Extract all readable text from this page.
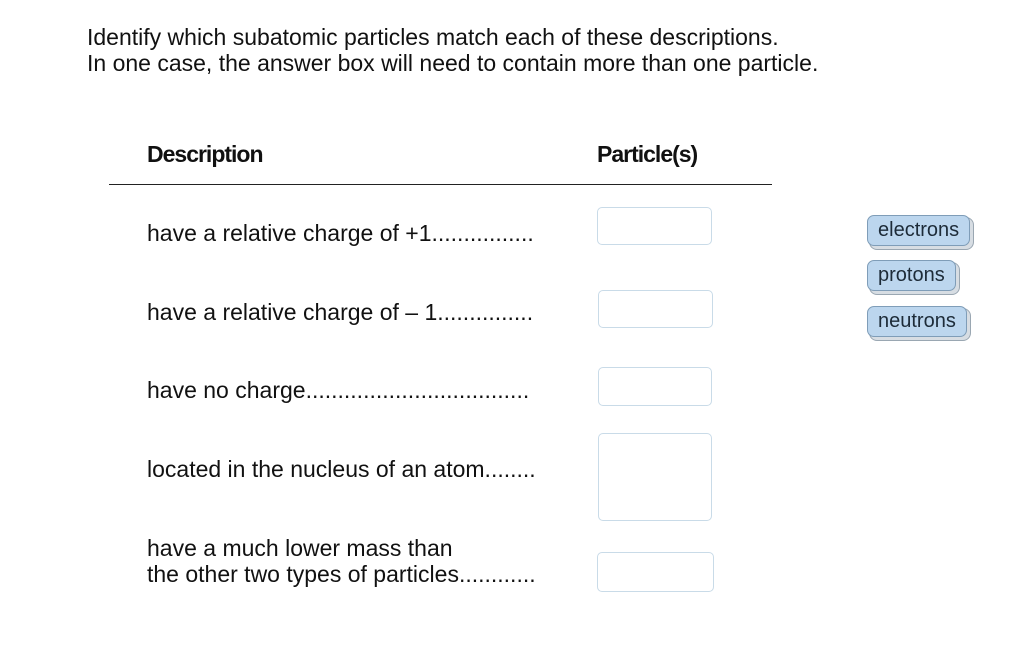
Identify which subatomic particles match each of these descriptions.
In one case, the answer box will need to contain more than one particle.
Description	Particle(s)
have a relative charge of +1................
have a relative charge of – 1...............
have no charge...................................
located in the nucleus of an atom........
have a much lower mass than
the other two types of particles............
electrons
protons
neutrons
